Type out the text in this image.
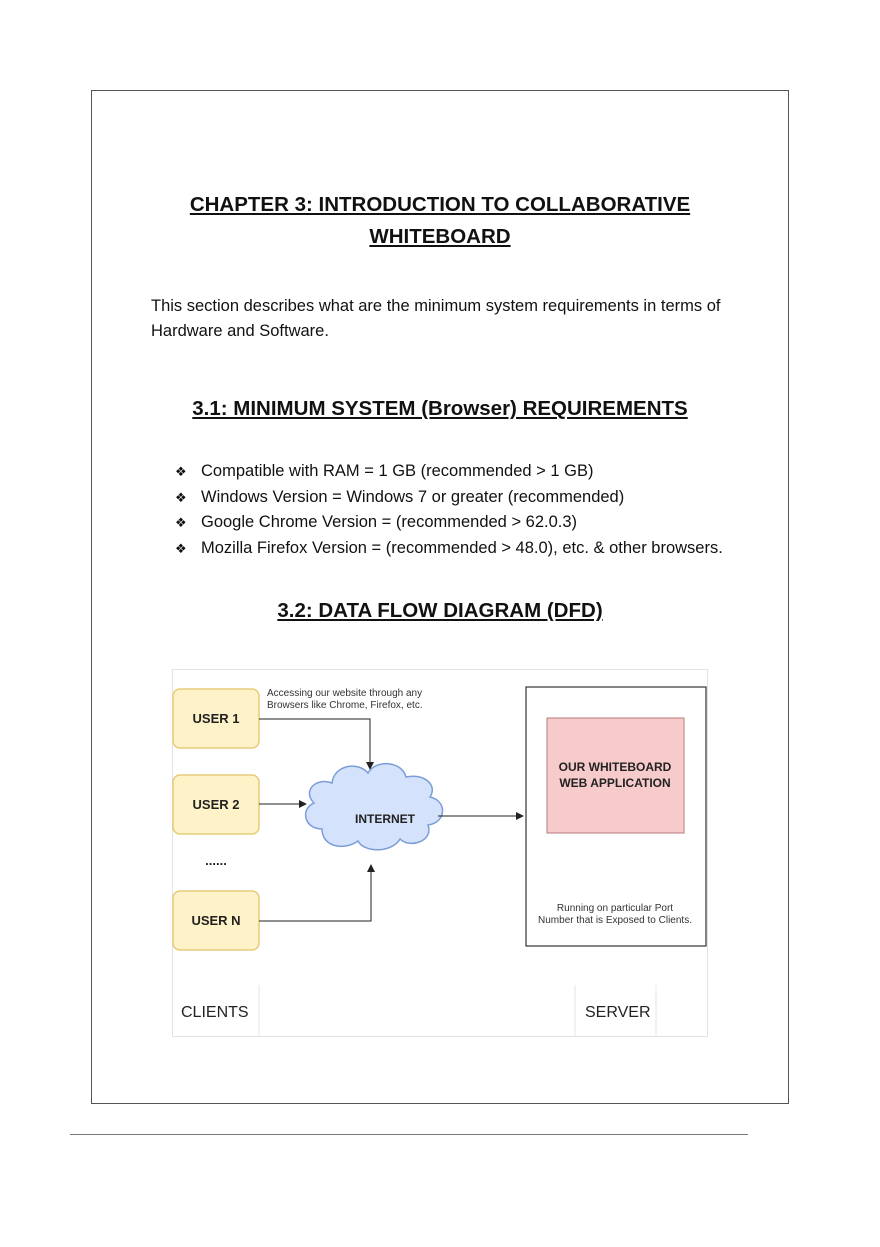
CHAPTER 3: INTRODUCTION TO COLLABORATIVE
WHITEBOARD

This section describes what are the minimum system requirements in terms of Hardware and Software.

3.1: MINIMUM SYSTEM (Browser) REQUIREMENTS
❖ Compatible with RAM = 1 GB (recommended > 1 GB)
❖ Windows Version = Windows 7 or greater (recommended)
❖ Google Chrome Version = (recommended > 62.0.3)
❖ Mozilla Firefox Version = (recommended > 48.0), etc. & other browsers.
3.2: DATA FLOW DIAGRAM (DFD)
USER 1
USER 2
......
USER N
Accessing our website through any
Browsers like Chrome, Firefox, etc.
INTERNET
OUR WHITEBOARD
WEB APPLICATION
Running on particular Port
Number that is Exposed to Clients.
CLIENTS	SERVER
